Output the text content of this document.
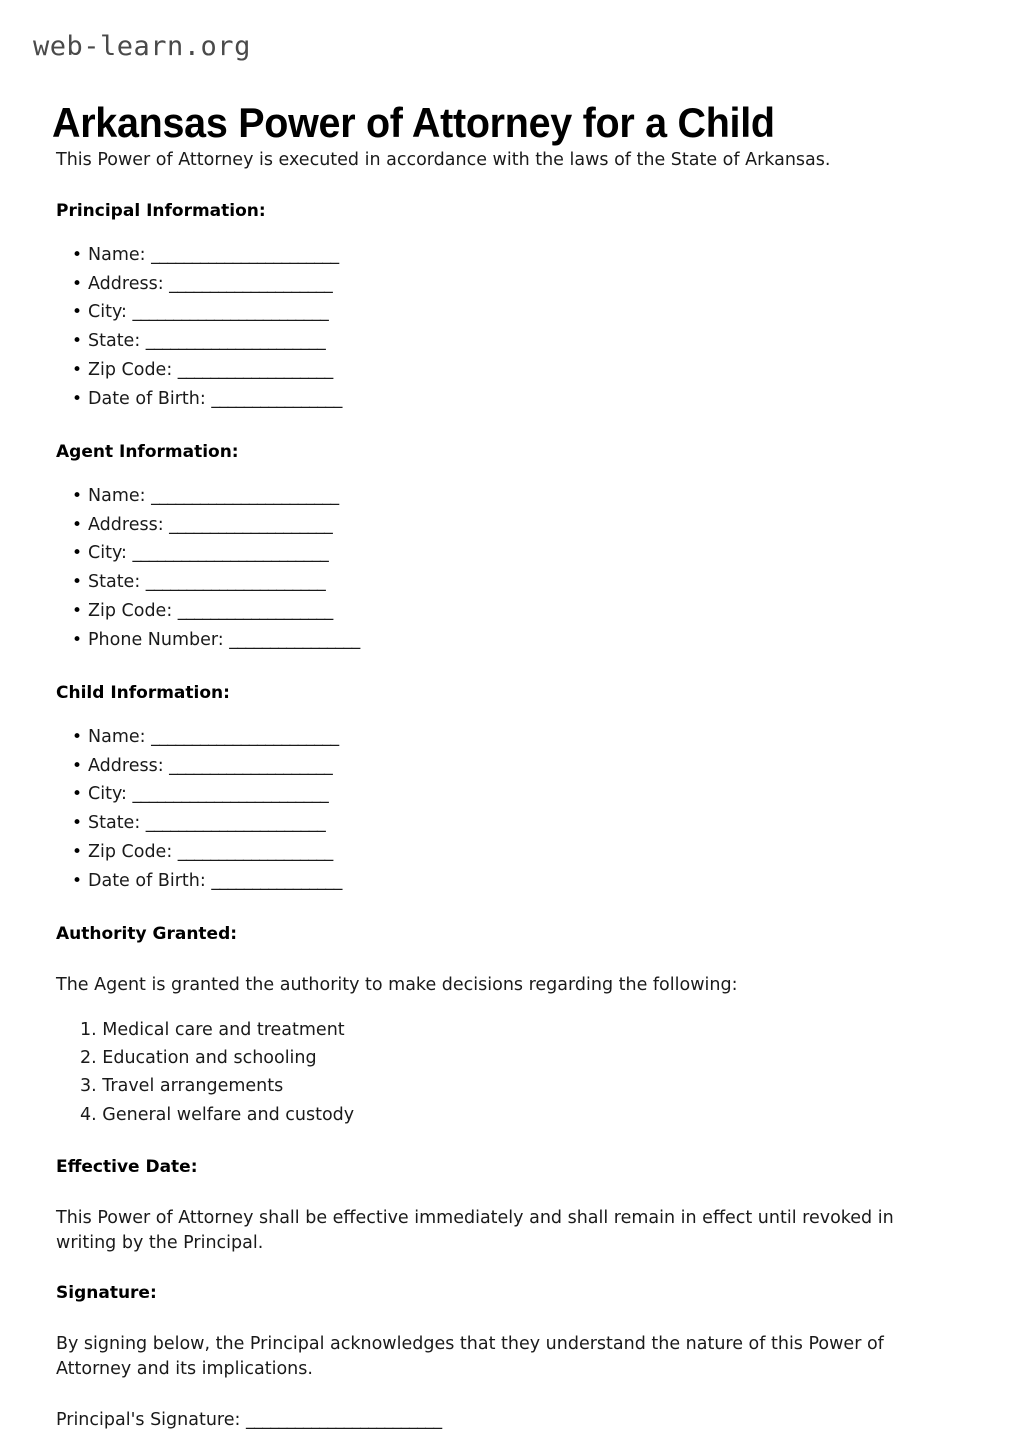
web-learn.org
Arkansas Power of Attorney for a Child

This Power of Attorney is executed in accordance with the laws of the State of Arkansas.

Principal Information:
• Name: _______________________
• Address: ____________________
• City: ________________________
• State: ______________________
• Zip Code: ___________________
• Date of Birth: ________________
Agent Information:
• Name: _______________________
• Address: ____________________
• City: ________________________
• State: ______________________
• Zip Code: ___________________
• Phone Number: ________________
Child Information:
• Name: _______________________
• Address: ____________________
• City: ________________________
• State: ______________________
• Zip Code: ___________________
• Date of Birth: ________________
Authority Granted:

The Agent is granted the authority to make decisions regarding the following:

Medical care and treatment
Education and schooling
Travel arrangements
General welfare and custody
Effective Date:

This Power of Attorney shall be effective immediately and shall remain in effect until revoked in writing by the Principal.

Signature:

By signing below, the Principal acknowledges that they understand the nature of this Power of Attorney and its implications.

Principal's Signature: ________________________
